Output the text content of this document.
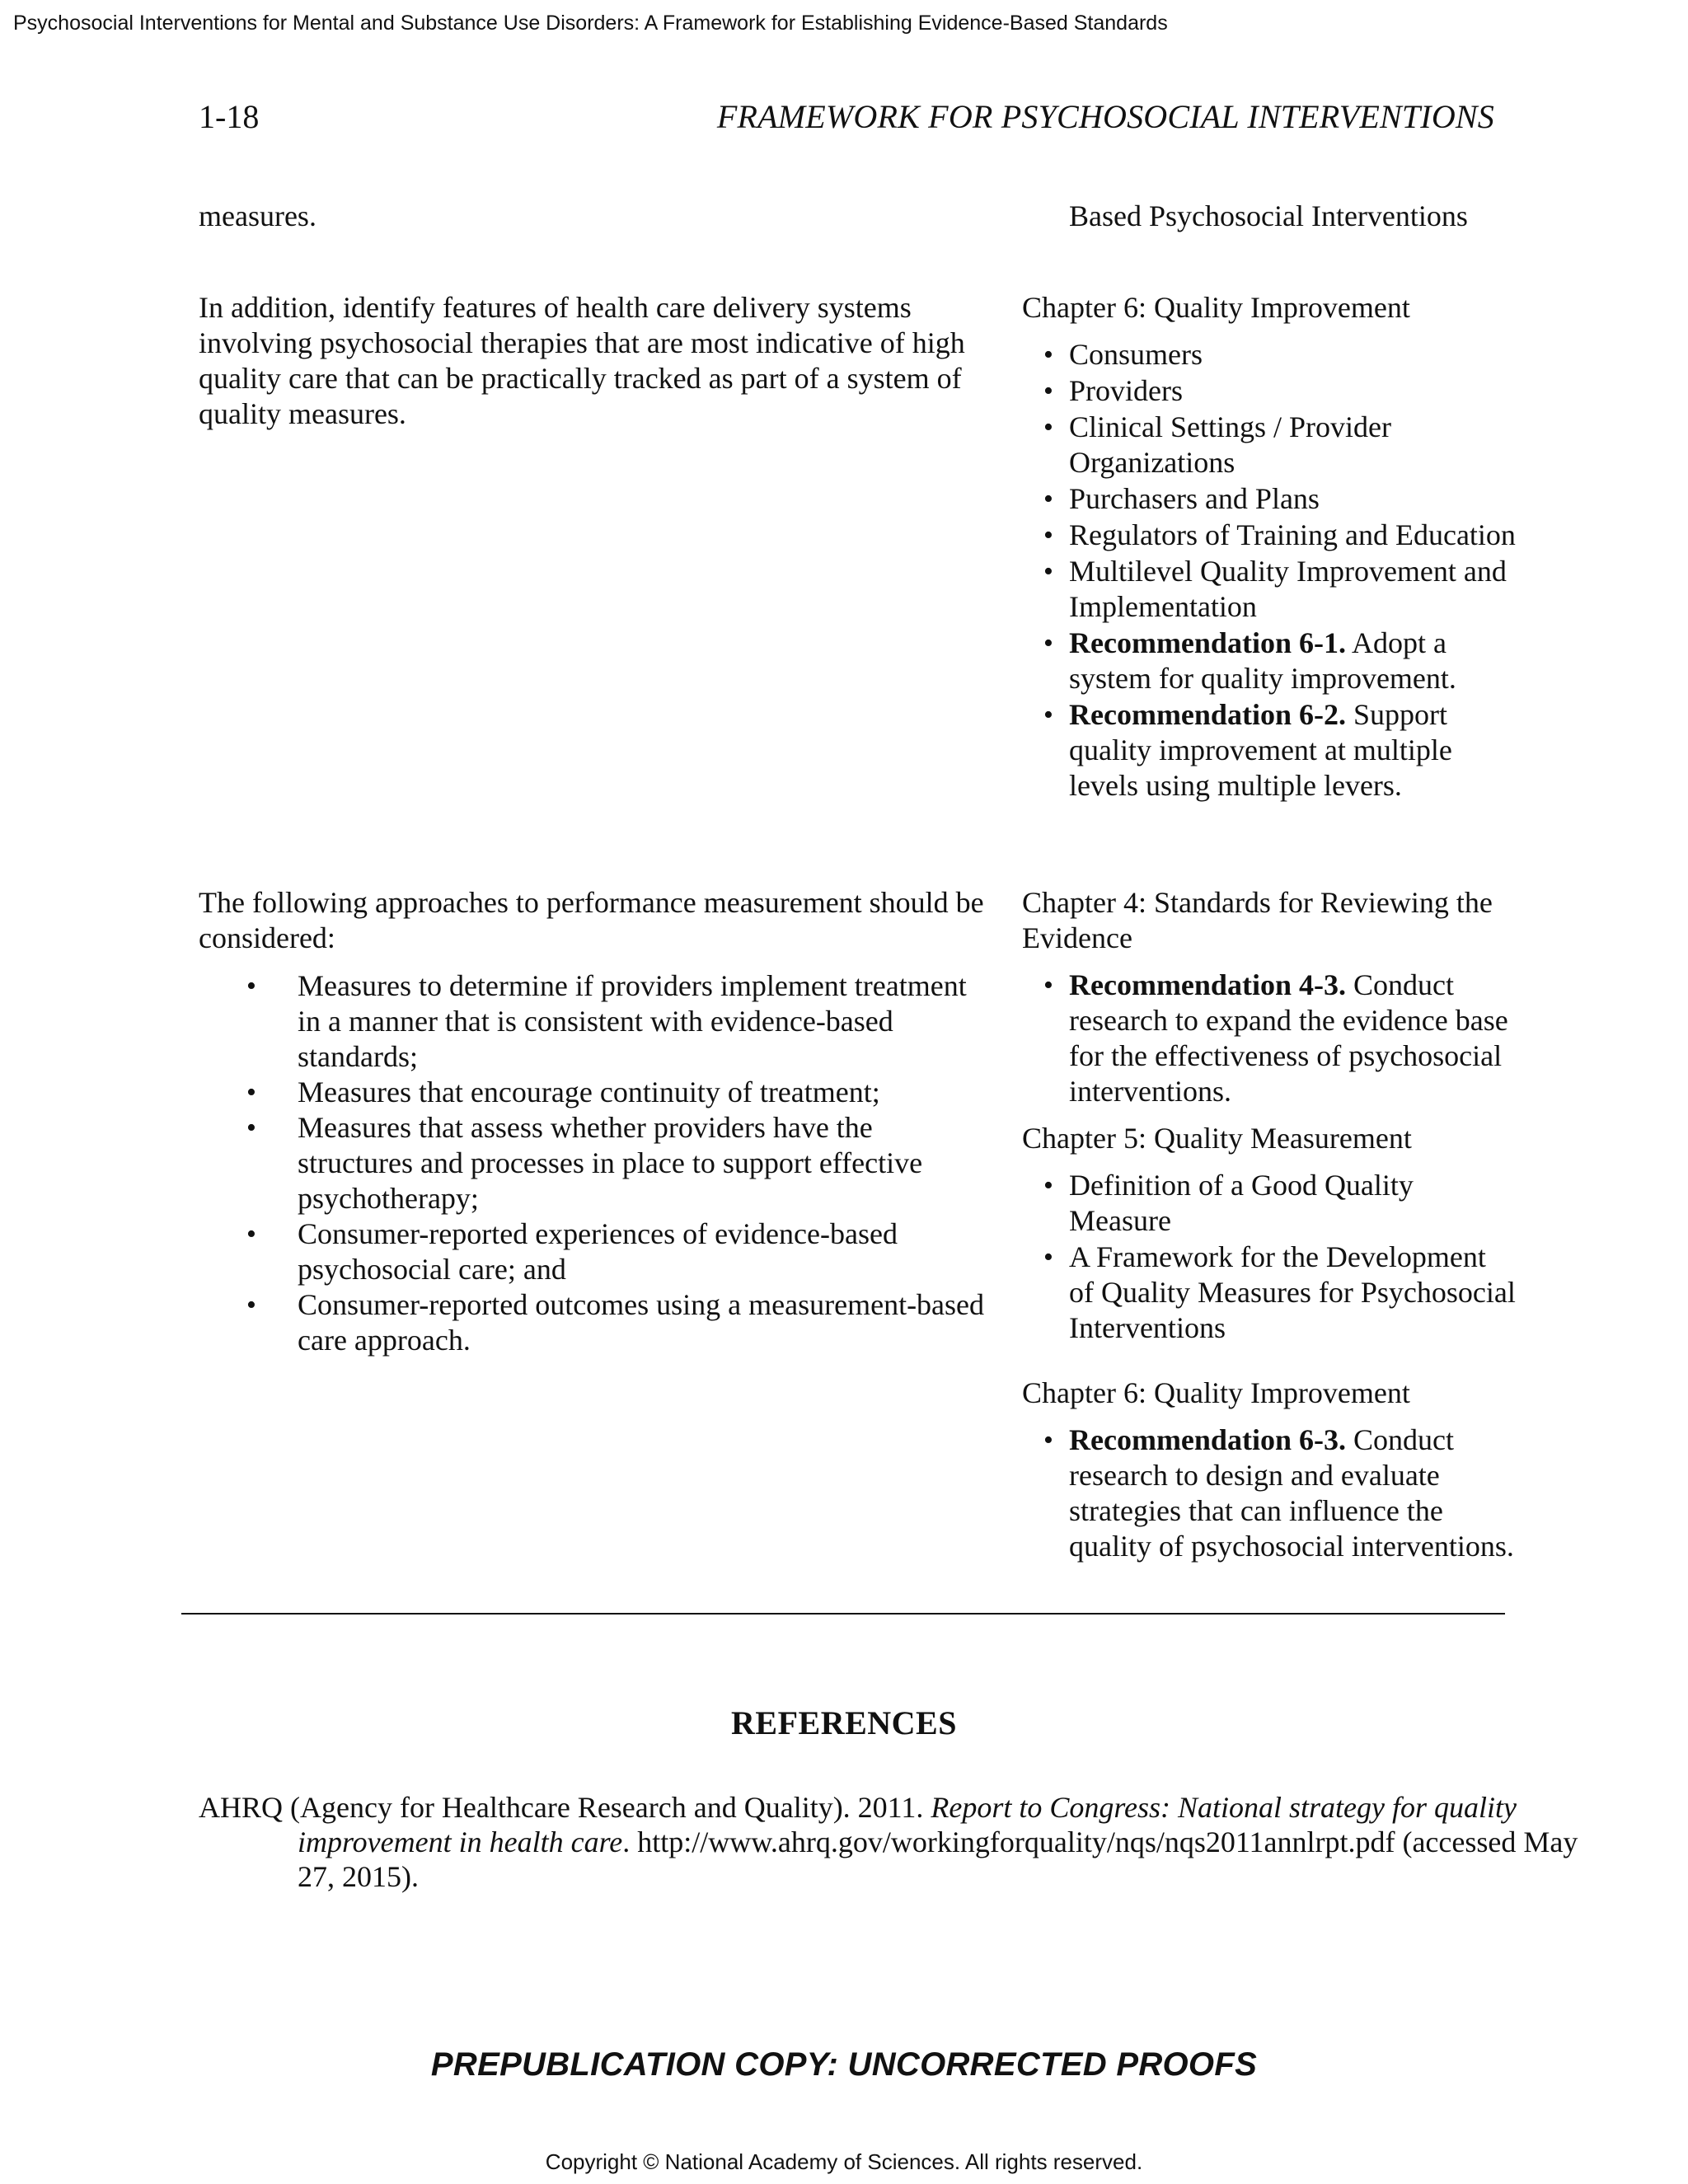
Psychosocial Interventions for Mental and Substance Use Disorders: A Framework for Establishing Evidence-Based Standards
1-18	FRAMEWORK FOR PSYCHOSOCIAL INTERVENTIONS
measures.	Based Psychosocial Interventions
In addition, identify features of health care delivery systems involving psychosocial therapies that are most indicative of high quality care that can be practically tracked as part of a system of quality measures.
Chapter 6: Quality Improvement
• Consumers
• Providers
• Clinical Settings / Provider Organizations
• Purchasers and Plans
• Regulators of Training and Education
• Multilevel Quality Improvement and Implementation
• Recommendation 6-1. Adopt a system for quality improvement.
• Recommendation 6-2. Support quality improvement at multiple levels using multiple levers.
The following approaches to performance measurement should be considered:
• Measures to determine if providers implement treatment in a manner that is consistent with evidence-based standards;
• Measures that encourage continuity of treatment;
• Measures that assess whether providers have the structures and processes in place to support effective psychotherapy;
• Consumer-reported experiences of evidence-based psychosocial care; and
• Consumer-reported outcomes using a measurement-based care approach.
Chapter 4: Standards for Reviewing the Evidence
• Recommendation 4-3. Conduct research to expand the evidence base for the effectiveness of psychosocial interventions.
Chapter 5: Quality Measurement
• Definition of a Good Quality Measure
• A Framework for the Development of Quality Measures for Psychosocial Interventions
Chapter 6: Quality Improvement
• Recommendation 6-3. Conduct research to design and evaluate strategies that can influence the quality of psychosocial interventions.
REFERENCES
AHRQ (Agency for Healthcare Research and Quality). 2011. Report to Congress: National strategy for quality improvement in health care. http://www.ahrq.gov/workingforquality/nqs/nqs2011annlrpt.pdf (accessed May 27, 2015).
PREPUBLICATION COPY: UNCORRECTED PROOFS
Copyright © National Academy of Sciences. All rights reserved.
